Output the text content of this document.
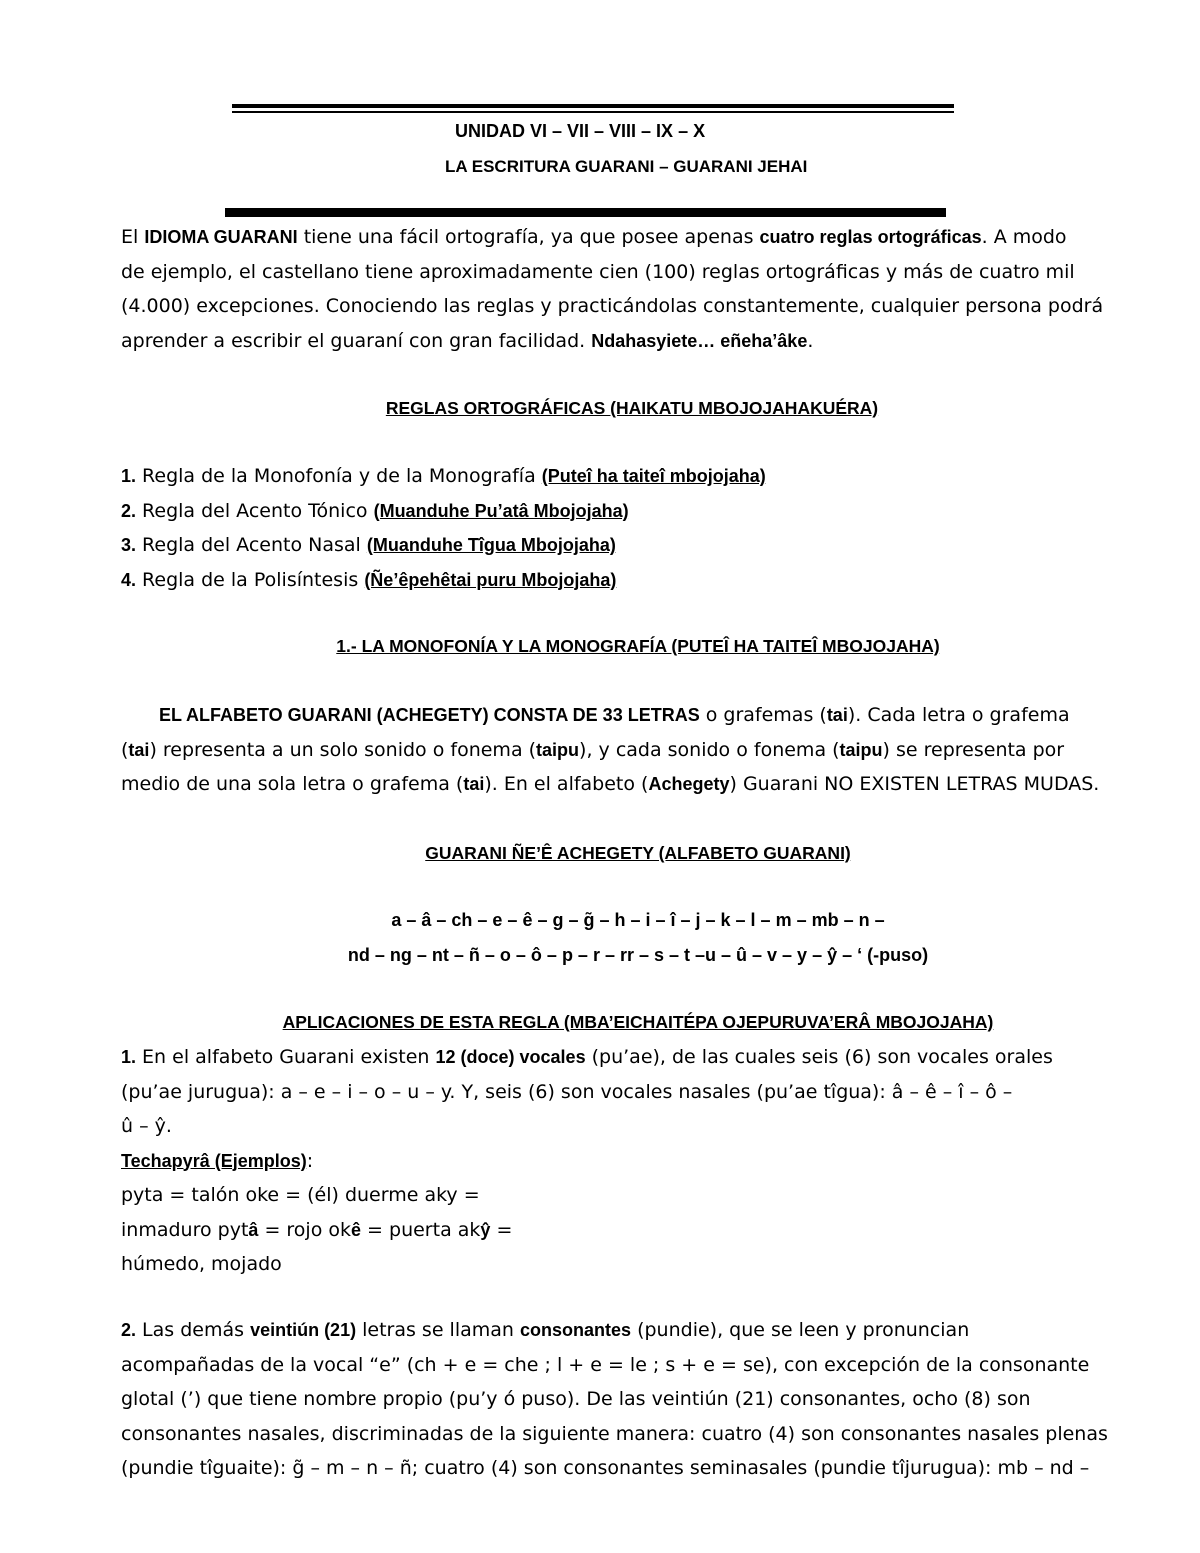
UNIDAD VI – VII – VIII – IX – X
LA ESCRITURA GUARANI – GUARANI JEHAI
El IDIOMA GUARANI tiene una fácil ortografía, ya que posee apenas cuatro reglas ortográficas. A modo
de ejemplo, el castellano tiene aproximadamente cien (100) reglas ortográficas y más de cuatro mil
(4.000) excepciones. Conociendo las reglas y practicándolas constantemente, cualquier persona podrá
aprender a escribir el guaraní con gran facilidad. Ndahasyiete… eñeha’âke.
REGLAS ORTOGRÁFICAS (HAIKATU MBOJOJAHAKUÉRA)
1. Regla de la Monofonía y de la Monografía (Puteî ha taiteî mbojojaha)
2. Regla del Acento Tónico (Muanduhe Pu’atâ Mbojojaha)
3. Regla del Acento Nasal (Muanduhe Tîgua Mbojojaha)
4. Regla de la Polisíntesis (Ñe’êpehêtai puru Mbojojaha)
1.- LA MONOFONÍA Y LA MONOGRAFÍA (PUTEÎ HA TAITEÎ MBOJOJAHA)
EL ALFABETO GUARANI (ACHEGETY) CONSTA DE 33 LETRAS o grafemas (tai). Cada letra o grafema
(tai) representa a un solo sonido o fonema (taipu), y cada sonido o fonema (taipu) se representa por
medio de una sola letra o grafema (tai). En el alfabeto (Achegety) Guarani NO EXISTEN LETRAS MUDAS.
GUARANI ÑE’Ê ACHEGETY (ALFABETO GUARANI)
a – â – ch – e – ê – g – g̃ – h – i – î – j – k – l – m – mb – n –
nd – ng – nt – ñ – o – ô – p – r – rr – s – t –u – û – v – y – ŷ – ‘ (-puso)
APLICACIONES DE ESTA REGLA (MBA’EICHAITÉPA OJEPURUVA’ERÂ MBOJOJAHA)
1. En el alfabeto Guarani existen 12 (doce) vocales (pu’ae), de las cuales seis (6) son vocales orales
(pu’ae jurugua): a – e – i – o – u – y. Y, seis (6) son vocales nasales (pu’ae tîgua): â – ê – î – ô –
û – ŷ.
Techapyrâ (Ejemplos):
pyta = talón oke = (él) duerme aky =
inmaduro pytâ = rojo okê = puerta akŷ =
húmedo, mojado
2. Las demás veintiún (21) letras se llaman consonantes (pundie), que se leen y pronuncian
acompañadas de la vocal “e” (ch + e = che ; l + e = le ; s + e = se), con excepción de la consonante
glotal (’) que tiene nombre propio (pu’y ó puso). De las veintiún (21) consonantes, ocho (8) son
consonantes nasales, discriminadas de la siguiente manera: cuatro (4) son consonantes nasales plenas
(pundie tîguaite): g̃ – m – n – ñ; cuatro (4) son consonantes seminasales (pundie tîjurugua): mb – nd –
